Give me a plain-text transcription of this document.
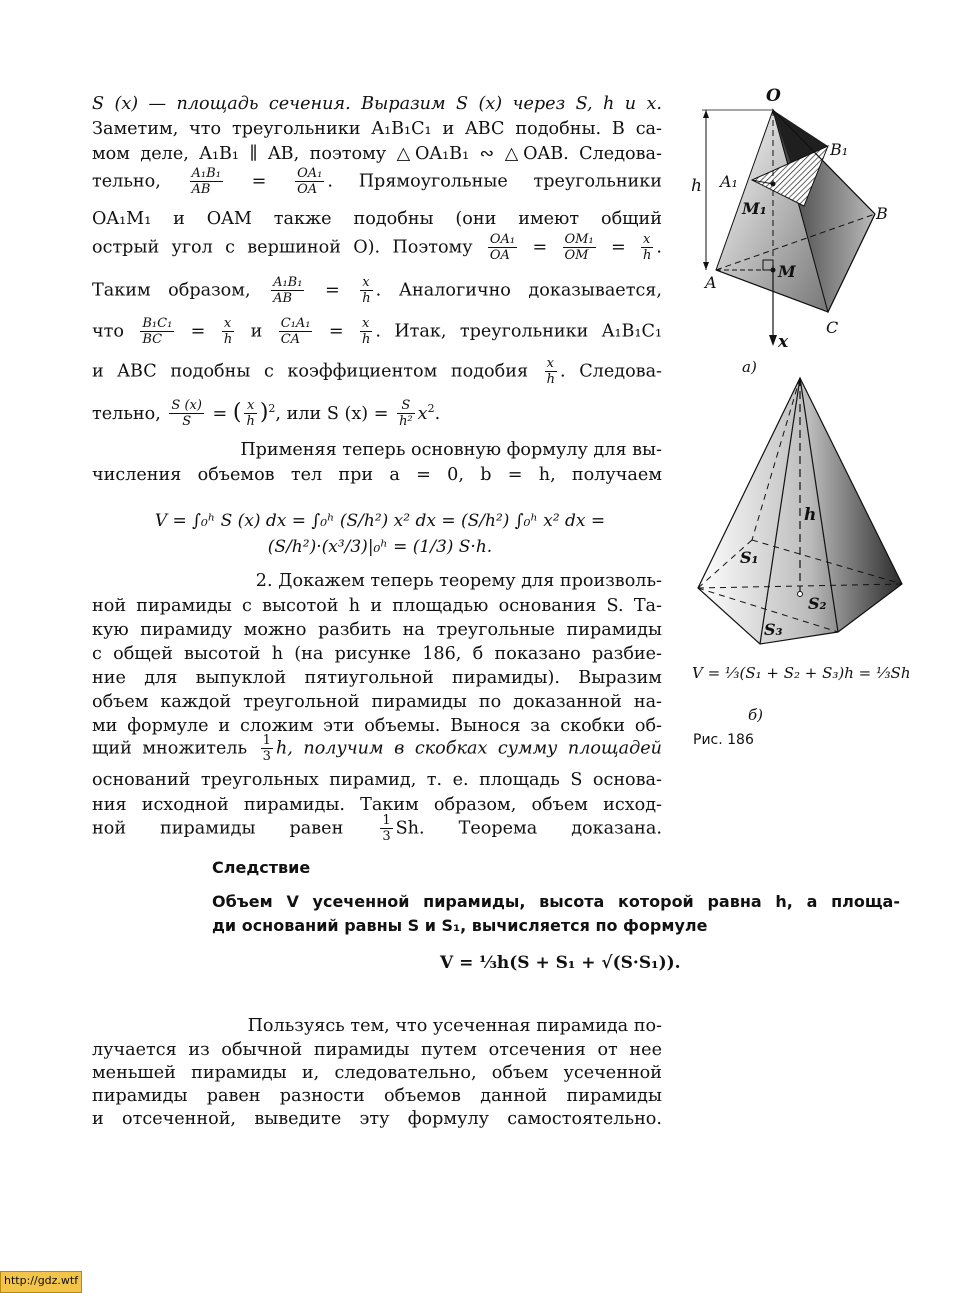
S (x) — площадь сечения. Выразим S (x) через S, h и x.
Заметим, что треугольники A₁B₁C₁ и ABC подобны. В са-
мом деле, A₁B₁ ∥ AB, поэтому △OA₁B₁ ∾ △OAB. Следова-
тельно, $\frac{\text{A₁B₁}}{AB} = \frac{\text{OA₁}}{OA}$ . Прямоугольные треугольники
OA₁M₁ и OAM также подобны (они имеют общий
острый угол с вершиной O). Поэтому $\frac{\text{OA₁}}{OA} = \frac{\text{OM₁}}{OM} = \frac{x}{h}$ .
Таким образом, $\frac{\text{A₁B₁}}{AB} = \frac{x}{h}$ . Аналогично доказывается,
что $\frac{\text{B₁C₁}}{BC} = \frac{x}{h}$ и $\frac{\text{C₁A₁}}{CA} = \frac{x}{h}$ . Итак, треугольники A₁B₁C₁
и ABC подобны с коэффициентом подобия $\frac{x}{h}$ . Следова-
тельно, $\frac{S (x)}{S}$ = ( $\frac{x}{h} )^2$, или S $(x) = \frac{S}{\text{h²}} x^2$.
Применяя теперь основную формулу для вы-
числения объемов тел при a = 0, b = h, получаем
V = ∫₀ʰ S (x) dx = ∫₀ʰ (S/h²) x² dx = (S/h²) ∫₀ʰ x² dx = (S/h²)·(x³/3)|₀ʰ = (1/3) S·h.
2. Докажем теперь теорему для произволь-
ной пирамиды с высотой h и площадью основания S. Та-
кую пирамиду можно разбить на треугольные пирамиды
с общей высотой h (на рисунке 186, б показано разбие-
ние для выпуклой пятиугольной пирамиды). Выразим
объем каждой треугольной пирамиды по доказанной на-
ми формуле и сложим эти объемы. Вынося за скобки об-
щий множитель $\frac{1}{3} h$, получим в скобках сумму площадей
оснований треугольных пирамид, т. е. площадь S основа-
ния исходной пирамиды. Таким образом, объем исход-
ной пирамиды равен	$\frac{1}{3} Sh$. Теорема доказана.
Следствие
Объем V усеченной пирамиды, высота которой равна h, а площа-
ди оснований равны S и S₁, вычисляется по формуле
V = ⅓h(S + S₁ + √(S·S₁)).
Пользуясь тем, что усеченная пирамида по-
лучается из обычной пирамиды путем отсечения от нее
меньшей пирамиды и, следовательно, объем усеченной
пирамиды равен разности объемов данной пирамиды
и отсеченной, выведите эту формулу самостоятельно.
O
B₁
A₁
M₁	B
h
A
M
C
x
а)
h
S₁
S₂
S₃
V = ⅓(S₁ + S₂ + S₃)h = ⅓Sh
б)
Рис. 186
http://gdz.wtf
